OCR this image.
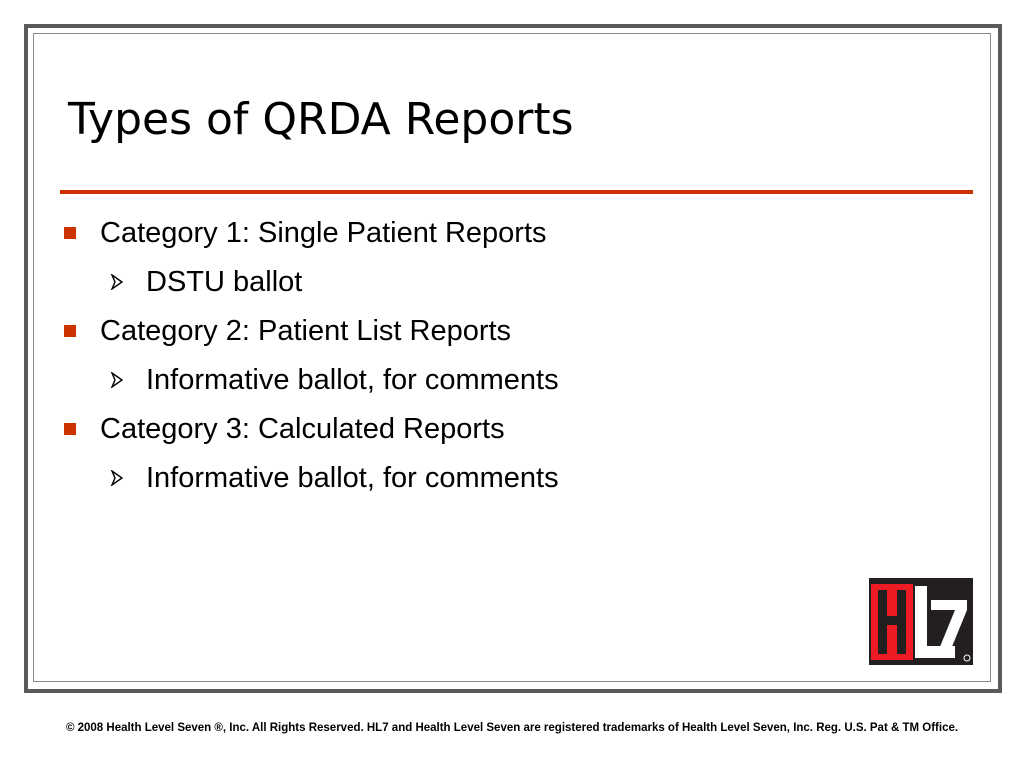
Types of QRDA Reports
Category 1: Single Patient Reports
DSTU ballot
Category 2: Patient List Reports
Informative ballot, for comments
Category 3: Calculated Reports
Informative ballot, for comments
© 2008 Health Level Seven ®, Inc. All Rights Reserved. HL7 and Health Level Seven are registered trademarks of Health Level Seven, Inc. Reg. U.S. Pat & TM Office.
